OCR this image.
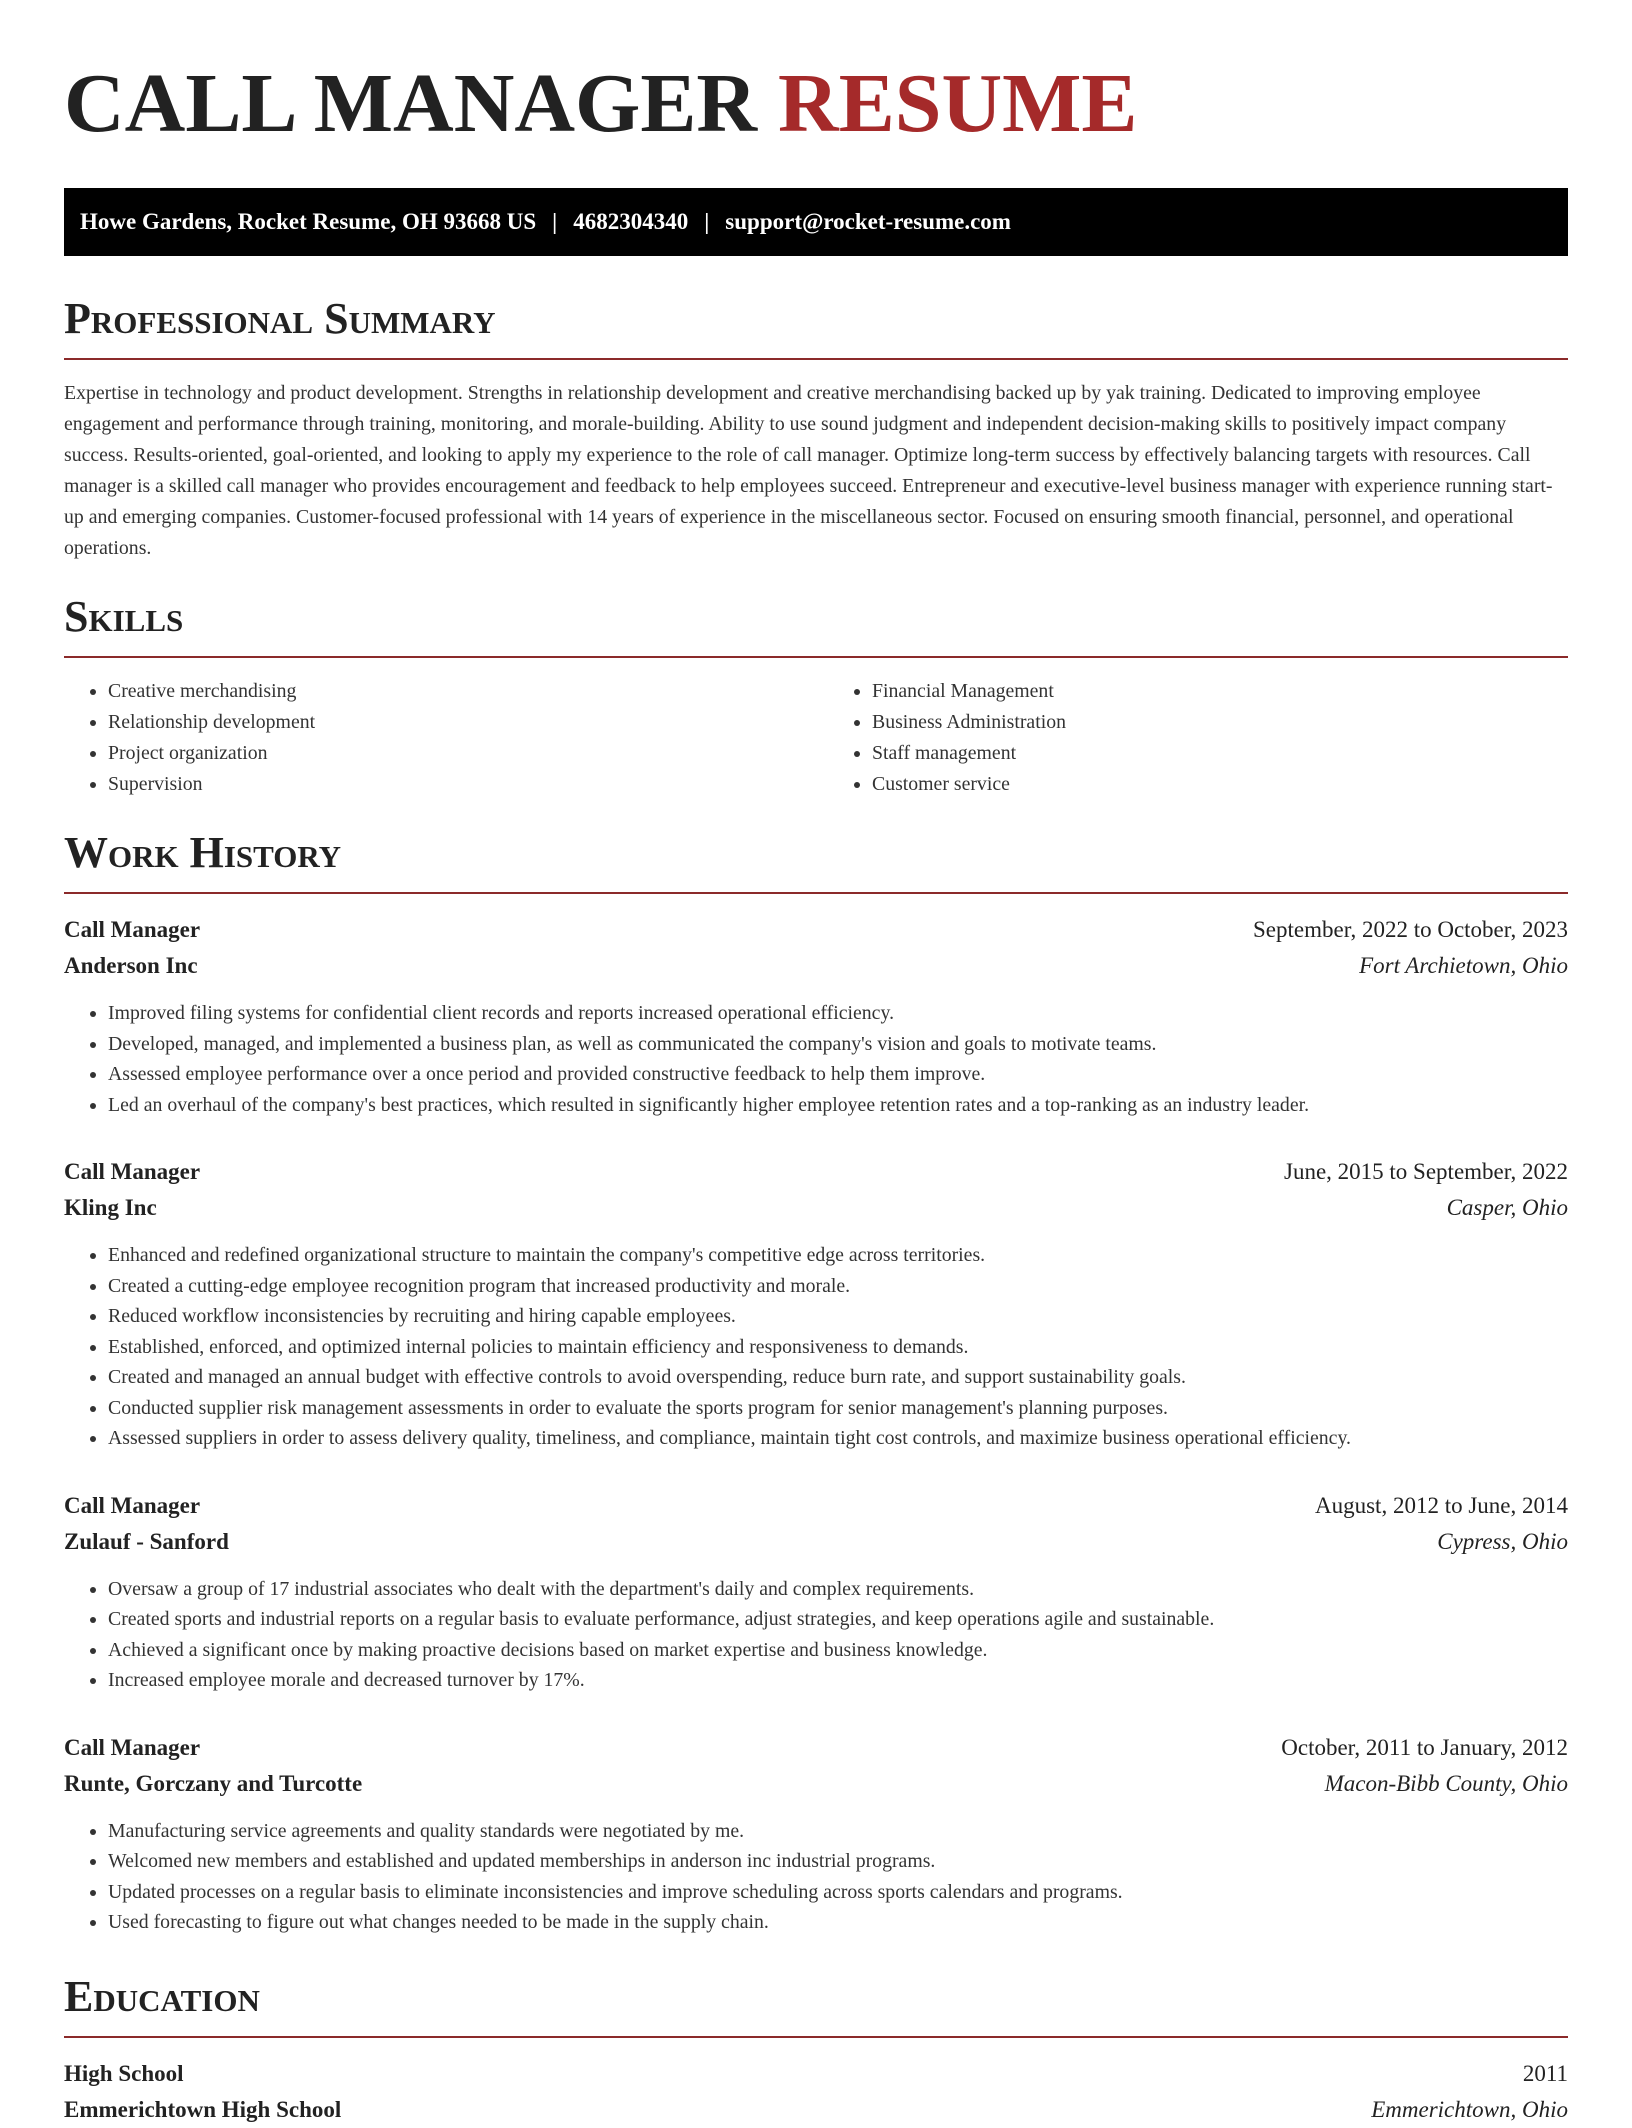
CALL MANAGER RESUME
Howe Gardens, Rocket Resume, OH 93668 US | 4682304340 | support@rocket-resume.com
Professional Summary

Expertise in technology and product development. Strengths in relationship development and creative merchandising backed up by yak training. Dedicated to improving employee engagement and performance through training, monitoring, and morale-building. Ability to use sound judgment and independent decision-making skills to positively impact company success. Results-oriented, goal-oriented, and looking to apply my experience to the role of call manager. Optimize long-term success by effectively balancing targets with resources. Call manager is a skilled call manager who provides encouragement and feedback to help employees succeed. Entrepreneur and executive-level business manager with experience running start-up and emerging companies. Customer-focused professional with 14 years of experience in the miscellaneous sector. Focused on ensuring smooth financial, personnel, and operational operations.

Skills
• Creative merchandising
• Relationship development
• Project organization
• Supervision
• Financial Management
• Business Administration
• Staff management
• Customer service
Work History
Call Manager	September, 2022 to October, 2023
Anderson Inc	Fort Archietown, Ohio
• Improved filing systems for confidential client records and reports increased operational efficiency.
• Developed, managed, and implemented a business plan, as well as communicated the company's vision and goals to motivate teams.
• Assessed employee performance over a once period and provided constructive feedback to help them improve.
• Led an overhaul of the company's best practices, which resulted in significantly higher employee retention rates and a top-ranking as an industry leader.
Call Manager	June, 2015 to September, 2022
Kling Inc	Casper, Ohio
• Enhanced and redefined organizational structure to maintain the company's competitive edge across territories.
• Created a cutting-edge employee recognition program that increased productivity and morale.
• Reduced workflow inconsistencies by recruiting and hiring capable employees.
• Established, enforced, and optimized internal policies to maintain efficiency and responsiveness to demands.
• Created and managed an annual budget with effective controls to avoid overspending, reduce burn rate, and support sustainability goals.
• Conducted supplier risk management assessments in order to evaluate the sports program for senior management's planning purposes.
• Assessed suppliers in order to assess delivery quality, timeliness, and compliance, maintain tight cost controls, and maximize business operational efficiency.
Call Manager	August, 2012 to June, 2014
Zulauf - Sanford	Cypress, Ohio
• Oversaw a group of 17 industrial associates who dealt with the department's daily and complex requirements.
• Created sports and industrial reports on a regular basis to evaluate performance, adjust strategies, and keep operations agile and sustainable.
• Achieved a significant once by making proactive decisions based on market expertise and business knowledge.
• Increased employee morale and decreased turnover by 17%.
Call Manager	October, 2011 to January, 2012
Runte, Gorczany and Turcotte	Macon-Bibb County, Ohio
• Manufacturing service agreements and quality standards were negotiated by me.
• Welcomed new members and established and updated memberships in anderson inc industrial programs.
• Updated processes on a regular basis to eliminate inconsistencies and improve scheduling across sports calendars and programs.
• Used forecasting to figure out what changes needed to be made in the supply chain.
Education
High School	2011
Emmerichtown High School	Emmerichtown, Ohio
